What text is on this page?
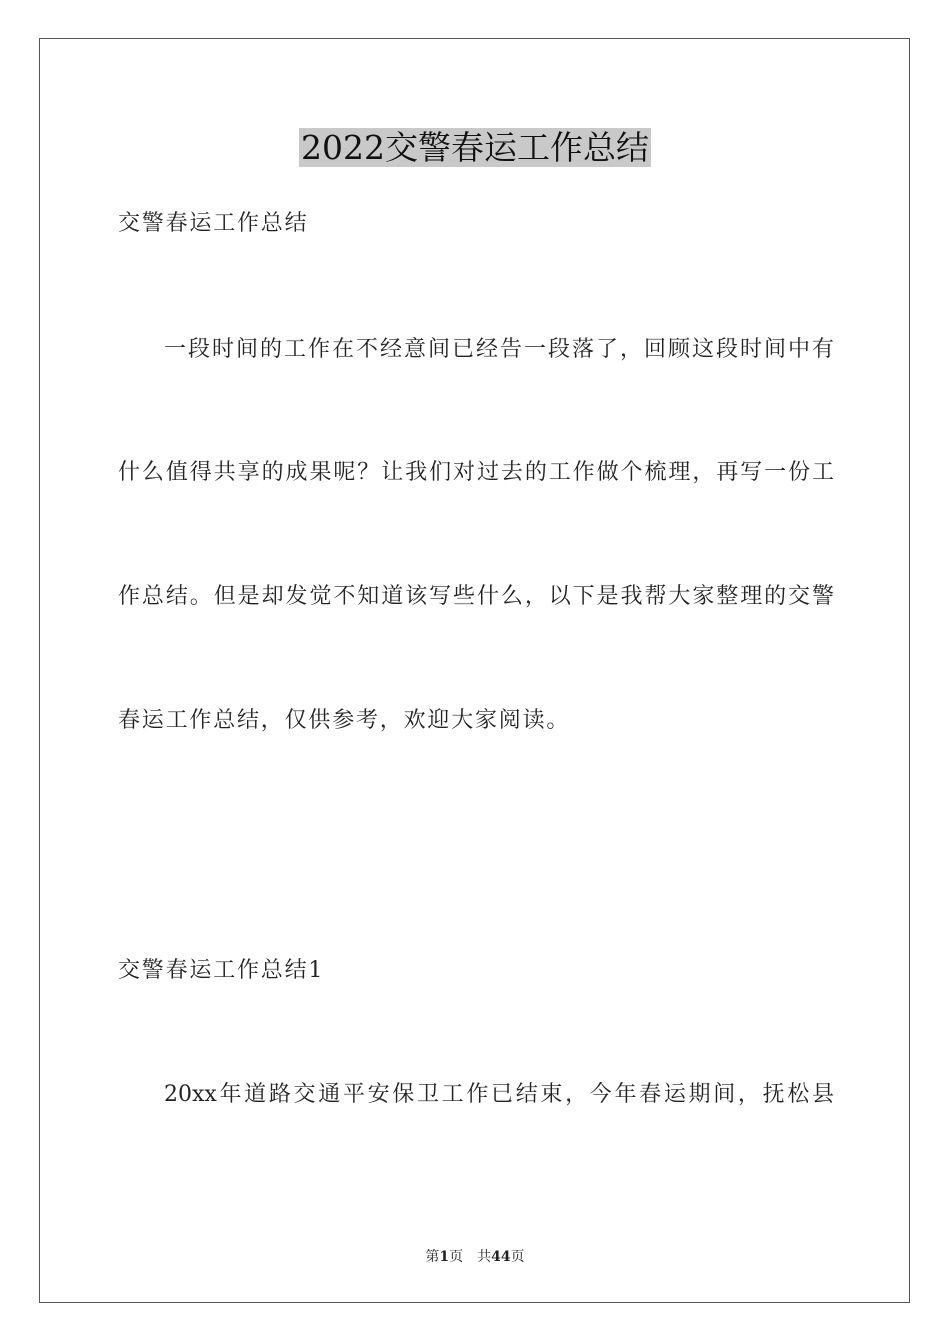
2022交警春运工作总结
交警春运工作总结
一段时间的工作在不经意间已经告一段落了，回顾这段时间中有
什么值得共享的成果呢？让我们对过去的工作做个梳理，再写一份工
作总结。但是却发觉不知道该写些什么，以下是我帮大家整理的交警
春运工作总结，仅供参考，欢迎大家阅读。
交警春运工作总结1
20xx年道路交通平安保卫工作已结束，今年春运期间，抚松县
第1页 共44页
